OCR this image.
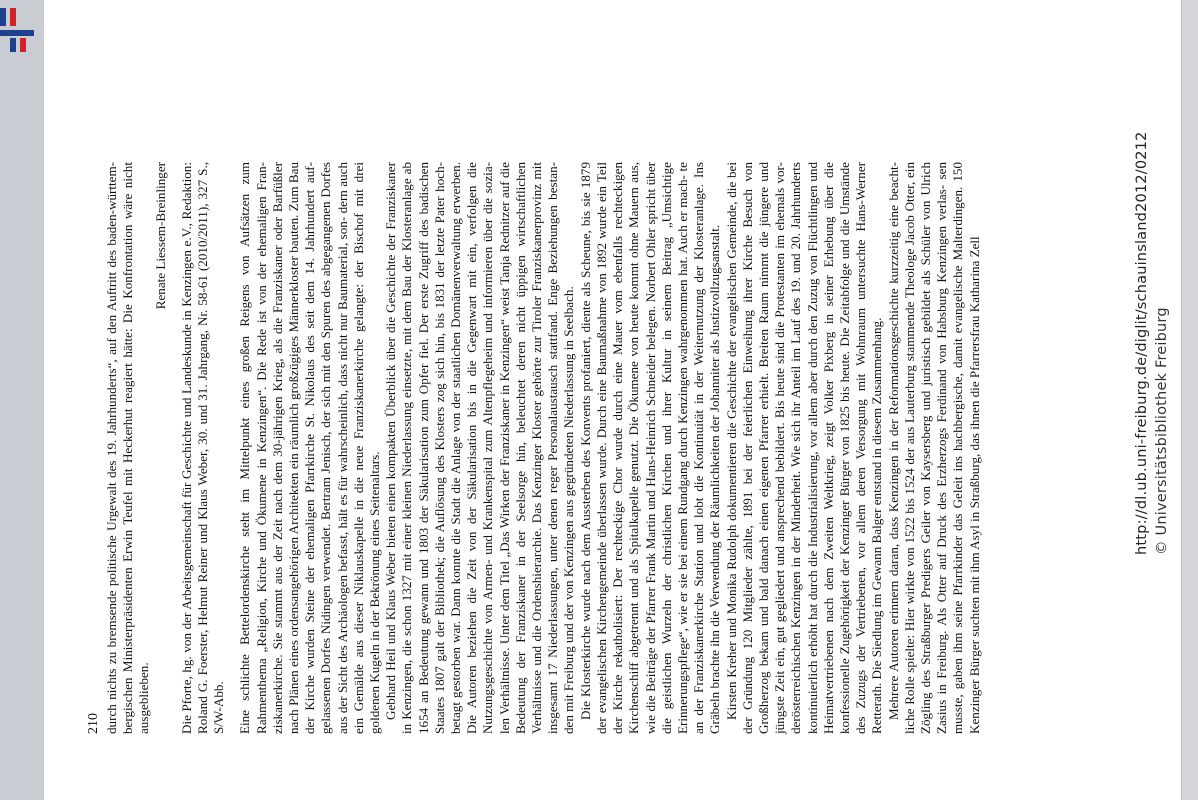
210 durch nichts zu bremsende politische Urgewalt des 19. Jahrhunderts“, auf den Auftritt des baden-württem- bergischen Ministerpräsidenten Erwin Teufel mit Heckerhut reagiert hätte: Die Konfrontation wäre nicht ausgeblieben.

Renate Liessem-Breinlinger Die Pforte, hg. von der Arbeitsgemeinschaft für Geschichte und Landeskunde in Kenzingen e.V., Redaktion: Roland G. Foerster, Helmut Reiner und Klaus Weber, 30. und 31. Jahrgang, Nr. 58-61 (2010/2011), 327 S., S/W-Abb. Eine schlichte Bettelordenskirche steht im Mittelpunkt eines großen Reigens von Aufsätzen zum Rahmenthema „Religion, Kirche und Ökumene in Kenzingen“. Die Rede ist von der ehemaligen Fran- ziskanerkirche. Sie stammt aus der Zeit nach dem 30-jährigen Krieg, als die Franziskaner oder Barfüßler nach Plänen eines ordensangehörigen Architekten ein räumlich großzügiges Männerkloster bauten. Zum Bau der Kirche wurden Steine der ehemaligen Pfarrkirche St. Nikolaus des seit dem 14. Jahrhundert auf- gelassenen Dorfes Nidingen verwendet. Bertram Jenisch, der sich mit den Spuren des abgegangenen Dorfes aus der Sicht des Archäologen befasst, hält es für wahrscheinlich, dass nicht nur Baumaterial, son- dern auch ein Gemälde aus dieser Niklauskapelle in die neue Franziskanerkirche gelangte: der Bischof mit drei goldenen Kugeln in der Bekrönung eines Seitenaltars. Gebhard Heil und Klaus Weber bieten einen kompakten Überblick über die Geschichte der Franziskaner in Kenzingen, die schon 1327 mit einer kleinen Niederlassung einsetzte, mit dem Bau der Klosteranlage ab 1654 an Bedeutung gewann und 1803 der Säkularisation zum Opfer fiel. Der erste Zugriff des badischen Staates 1807 galt der Bibliothek; die Auflösung des Klosters zog sich hin, bis 1831 der letzte Pater hoch- betagt gestorben war. Dann konnte die Stadt die Anlage von der staatlichen Domänenverwaltung erwerben. Die Autoren beziehen die Zeit von der Säkularisation bis in die Gegenwart mit ein, verfolgen die Nutzungsgeschichte von Armen- und Krankenspital zum Altenpflegeheim und informieren über die sozia- len Verhältnisse. Unter dem Titel „Das Wirken der Franziskaner in Kenzingen“ weist Tanja Rednitzer auf die Bedeutung der Franziskaner in der Seelsorge hin, beleuchtet deren nicht üppigen wirtschaftlichen Verhältnisse und die Ordenshierarchie. Das Kenzinger Kloster gehörte zur Tiroler Franziskanerprovinz mit insgesamt 17 Niederlassungen, unter denen reger Personalaustausch stattfand. Enge Beziehungen bestan- den mit Freiburg und der von Kenzingen aus gegründeten Niederlassung in Seelbach. Die Klosterkirche wurde nach dem Aussterben des Konvents profaniert, diente als Scheune, bis sie 1879 der evangelischen Kirchengemeinde überlassen wurde. Durch eine Baumaßnahme von 1892 wurde ein Teil der Kirche rekatholisiert: Der rechteckige Chor wurde durch eine Mauer vom ebenfalls rechteckigen Kirchenschiff abgetrennt und als Spitalkapelle genutzt. Die Ökumene von heute kommt ohne Mauern aus, wie die Beiträge der Pfarrer Frank Martin und Hans-Heinrich Schneider belegen. Norbert Ohler spricht über die geistlichen Wurzeln der christlichen Kirchen und ihrer Kultur in seinem Beitrag „Umsichtige Erinnerungspflege“, wie er sie bei einem Rundgang durch Kenzingen wahrgenommen hat. Auch er mach- te an der Franziskanerkirche Station und lobt die Kontinuität in der Weiternutzung der Klosteranlage. Ins Gräbeln brachte ihn die Verwendung der Räumlichkeiten der Johanniter als Justizvollzugsanstalt. Kirsten Kreher und Monika Rudolph dokumentieren die Geschichte der evangelischen Gemeinde, die bei der Gründung 120 Mitglieder zählte, 1891 bei der feierlichen Einweihung ihrer Kirche Besuch von Großherzog bekam und bald danach einen eigenen Pfarrer erhielt. Breiten Raum nimmt die jüngere und jüngste Zeit ein, gut gegliedert und ansprechend bebildert. Bis heute sind die Protestanten im ehemals vor- derösterreichischen Kenzingen in der Minderheit. Wie sich ihr Anteil im Lauf des 19. und 20. Jahrhunderts kontinuierlich erhöht hat durch die Industrialisierung, vor allem aber durch den Zuzug von Flüchtlingen und Heimatvertriebenen nach dem Zweiten Weltkrieg, zeigt Volker Pixberg in seiner Erhebung über die konfessionelle Zugehörigkeit der Kenzinger Bürger von 1825 bis heute. Die Zeitabfolge und die Umstände des Zuzugs der Vertriebenen, vor allem deren Versorgung mit Wohnraum untersuchte Hans-Werner Retterath. Die Siedlung im Gewann Balger entstand in diesem Zusammenhang. Mehrere Autoren erinnern daran, dass Kenzingen in der Reformationsgeschichte kurzzeitig eine beacht- liche Rolle spielte: Hier wirkte von 1522 bis 1524 der aus Lauterburg stammende Theologe Jacob Otter, ein Zögling des Straßburger Predigers Geiler von Kaysersberg und juristisch gebildet als Schüler von Ulrich Zasius in Freiburg. Als Otter auf Druck des Erzherzogs Ferdinand von Habsburg Kenzingen verlas- sen musste, gaben ihm seine Pfarrkinder das Geleit ins hachbergische, damit evangelische Malterdingen. 150 Kenzinger Bürger suchten mit ihm Asyl in Straßburg, das ihnen die Pfarrersfrau Katharina Zell	http://dl.ub.uni-freiburg.de/diglit/schauinsland2012/0212 © Universitätsbibliothek Freiburg
